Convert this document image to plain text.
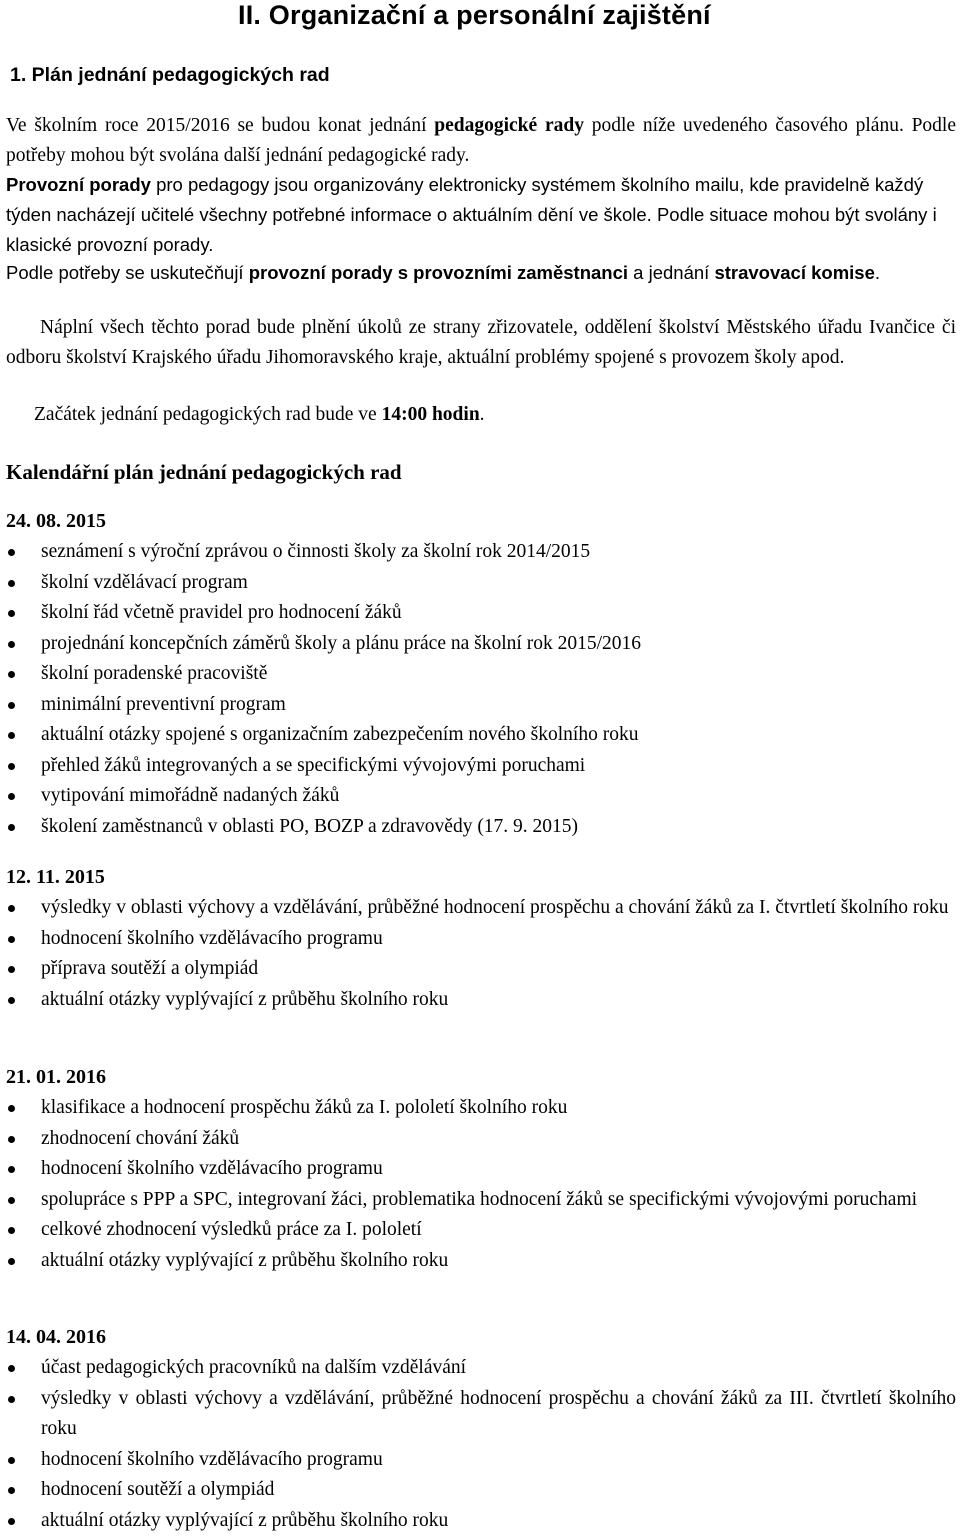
II. Organizační a personální zajištění
1. Plán jednání pedagogických rad
Ve školním roce 2015/2016 se budou konat jednání pedagogické rady podle níže uvedeného časového plánu. Podle potřeby mohou být svolána další jednání pedagogické rady.
Provozní porady pro pedagogy jsou organizovány elektronicky systémem školního mailu, kde pravidelně každý týden nacházejí učitelé všechny potřebné informace o aktuálním dění ve škole. Podle situace mohou být svolány i klasické provozní porady.
Podle potřeby se uskutečňují provozní porady s provozními zaměstnanci a jednání stravovací komise.
Náplní všech těchto porad bude plnění úkolů ze strany zřizovatele, oddělení školství Městského úřadu Ivančice či odboru školství Krajského úřadu Jihomoravského kraje, aktuální problémy spojené s provozem školy apod.
Začátek jednání pedagogických rad bude ve 14:00 hodin.
Kalendářní plán jednání pedagogických rad
24. 08. 2015
seznámení s výroční zprávou o činnosti školy za školní rok 2014/2015
školní vzdělávací program
školní řád včetně pravidel pro hodnocení žáků
projednání koncepčních záměrů školy a plánu práce na školní rok 2015/2016
školní poradenské pracoviště
minimální preventivní program
aktuální otázky spojené s organizačním zabezpečením nového školního roku
přehled žáků integrovaných a se specifickými vývojovými poruchami
vytipování mimořádně nadaných žáků
školení zaměstnanců v oblasti PO, BOZP a zdravovědy (17. 9. 2015)
12. 11. 2015
výsledky v oblasti výchovy a vzdělávání, průběžné hodnocení prospěchu a chování žáků za I. čtvrtletí školního roku
hodnocení školního vzdělávacího programu
příprava soutěží a olympiád
aktuální otázky vyplývající z průběhu školního roku
21. 01. 2016
klasifikace a hodnocení prospěchu žáků za I. pololetí školního roku
zhodnocení chování žáků
hodnocení školního vzdělávacího programu
spolupráce s PPP a SPC, integrovaní žáci, problematika hodnocení žáků se specifickými vývojovými poruchami
celkové zhodnocení výsledků práce za I. pololetí
aktuální otázky vyplývající z průběhu školního roku
14. 04. 2016
účast pedagogických pracovníků na dalším vzdělávání
výsledky v oblasti výchovy a vzdělávání, průběžné hodnocení prospěchu a chování žáků za III. čtvrtletí školního roku
hodnocení školního vzdělávacího programu
hodnocení soutěží a olympiád
aktuální otázky vyplývající z průběhu školního roku
